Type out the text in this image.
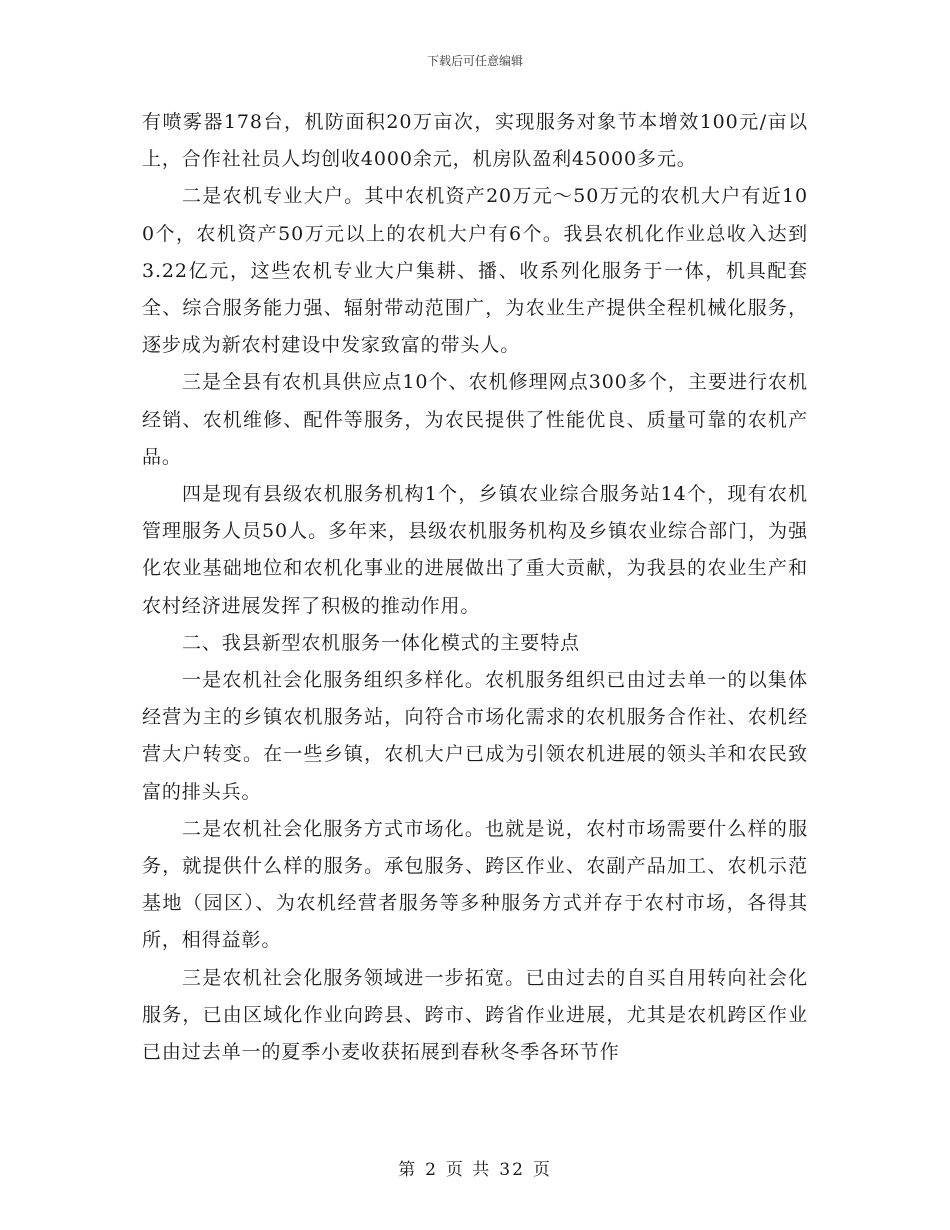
下载后可任意编辑

有喷雾器178台，机防面积20万亩次，实现服务对象节本增效100元/亩以上，合作社社员人均创收4000余元，机房队盈利45000多元。

二是农机专业大户。其中农机资产20万元～50万元的农机大户有近100个，农机资产50万元以上的农机大户有6个。我县农机化作业总收入达到3.22亿元，这些农机专业大户集耕、播、收系列化服务于一体，机具配套全、综合服务能力强、辐射带动范围广，为农业生产提供全程机械化服务，逐步成为新农村建设中发家致富的带头人。

三是全县有农机具供应点10个、农机修理网点300多个，主要进行农机经销、农机维修、配件等服务，为农民提供了性能优良、质量可靠的农机产品。

四是现有县级农机服务机构1个，乡镇农业综合服务站14个，现有农机管理服务人员50人。多年来，县级农机服务机构及乡镇农业综合部门，为强化农业基础地位和农机化事业的进展做出了重大贡献，为我县的农业生产和农村经济进展发挥了积极的推动作用。

二、我县新型农机服务一体化模式的主要特点

一是农机社会化服务组织多样化。农机服务组织已由过去单一的以集体经营为主的乡镇农机服务站，向符合市场化需求的农机服务合作社、农机经营大户转变。在一些乡镇，农机大户已成为引领农机进展的领头羊和农民致富的排头兵。

二是农机社会化服务方式市场化。也就是说，农村市场需要什么样的服务，就提供什么样的服务。承包服务、跨区作业、农副产品加工、农机示范基地（园区）、为农机经营者服务等多种服务方式并存于农村市场，各得其所，相得益彰。

三是农机社会化服务领域进一步拓宽。已由过去的自买自用转向社会化服务，已由区域化作业向跨县、跨市、跨省作业进展，尤其是农机跨区作业已由过去单一的夏季小麦收获拓展到春秋冬季各环节作

第 2 页 共 32 页
